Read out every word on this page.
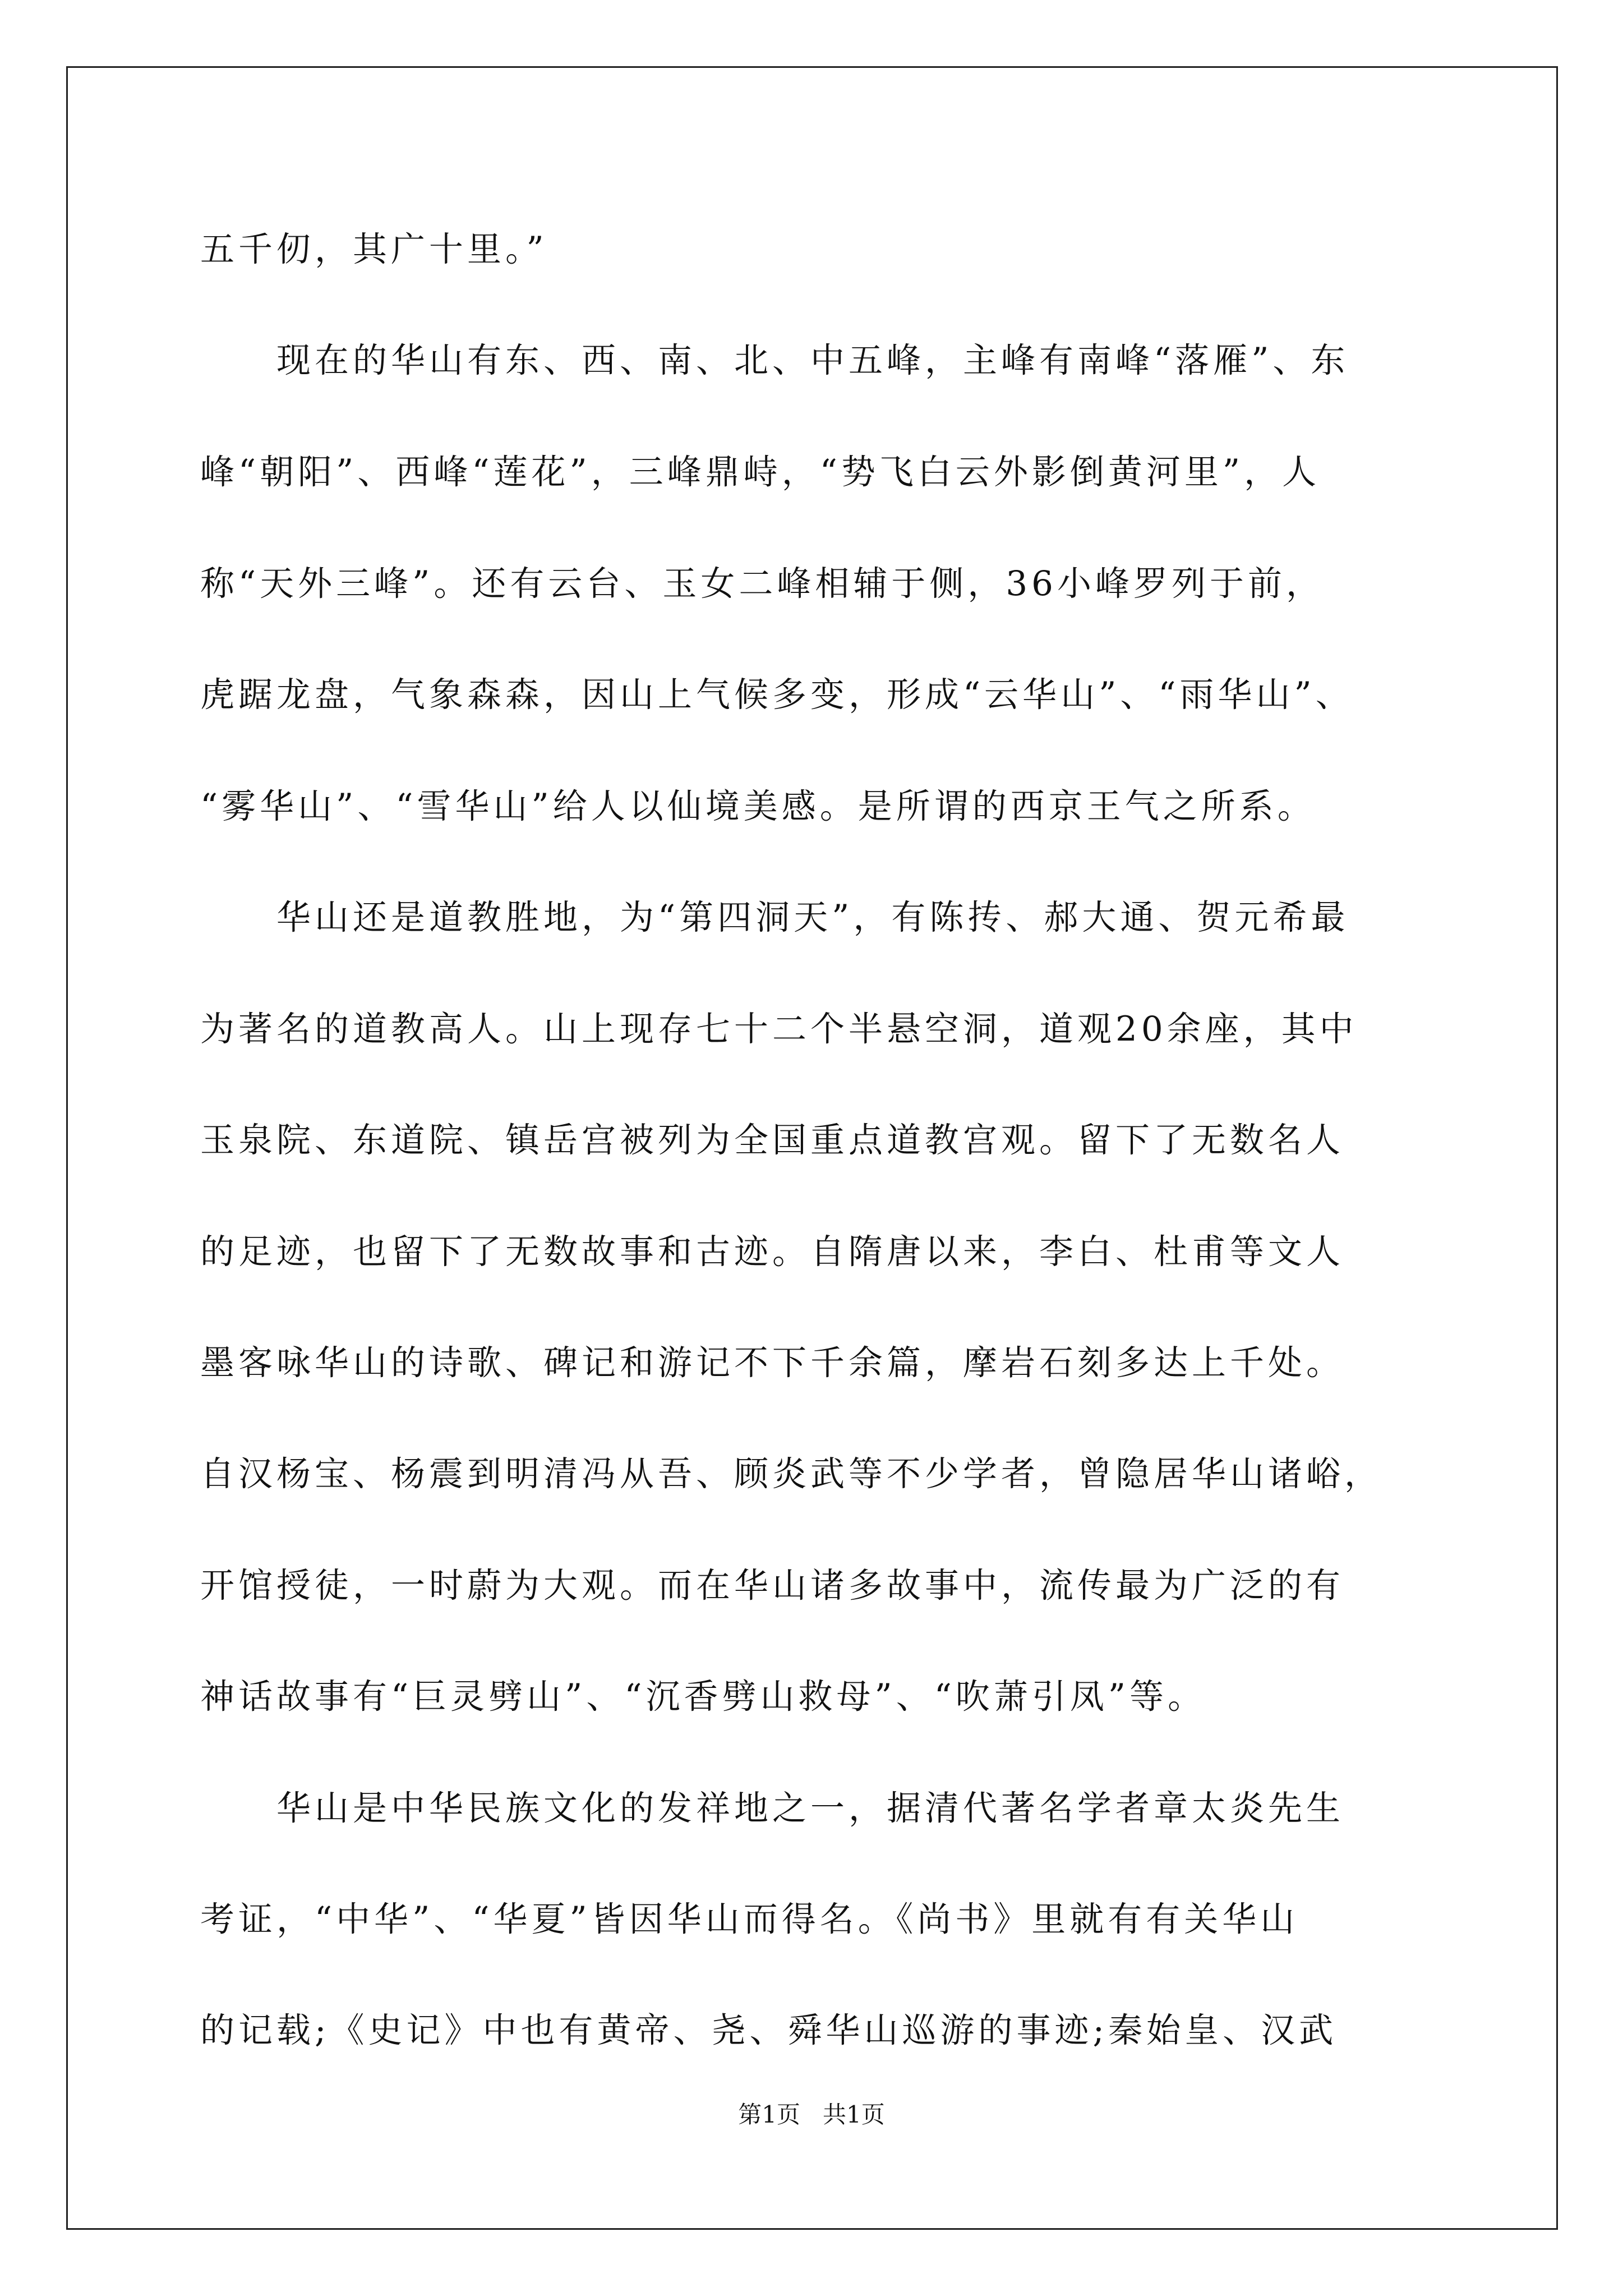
五千仞，其广十里。”
　　现在的华山有东、西、南、北、中五峰，主峰有南峰“落雁”、东
峰“朝阳”、西峰“莲花”，三峰鼎峙，“势飞白云外影倒黄河里”，人
称“天外三峰”。还有云台、玉女二峰相辅于侧，36小峰罗列于前，
虎踞龙盘，气象森森，因山上气候多变，形成“云华山”、“雨华山”、
“雾华山”、“雪华山”给人以仙境美感。是所谓的西京王气之所系。
　　华山还是道教胜地，为“第四洞天”，有陈抟、郝大通、贺元希最
为著名的道教高人。山上现存七十二个半悬空洞，道观20余座，其中
玉泉院、东道院、镇岳宫被列为全国重点道教宫观。留下了无数名人
的足迹，也留下了无数故事和古迹。自隋唐以来，李白、杜甫等文人
墨客咏华山的诗歌、碑记和游记不下千余篇，摩岩石刻多达上千处。
自汉杨宝、杨震到明清冯从吾、顾炎武等不少学者，曾隐居华山诸峪，
开馆授徒，一时蔚为大观。而在华山诸多故事中，流传最为广泛的有
神话故事有“巨灵劈山”、“沉香劈山救母”、“吹萧引凤”等。
　　华山是中华民族文化的发祥地之一，据清代著名学者章太炎先生
考证，“中华”、“华夏”皆因华山而得名。《尚书》里就有有关华山
的记载;《史记》中也有黄帝、尧、舜华山巡游的事迹;秦始皇、汉武
第1页 共1页
